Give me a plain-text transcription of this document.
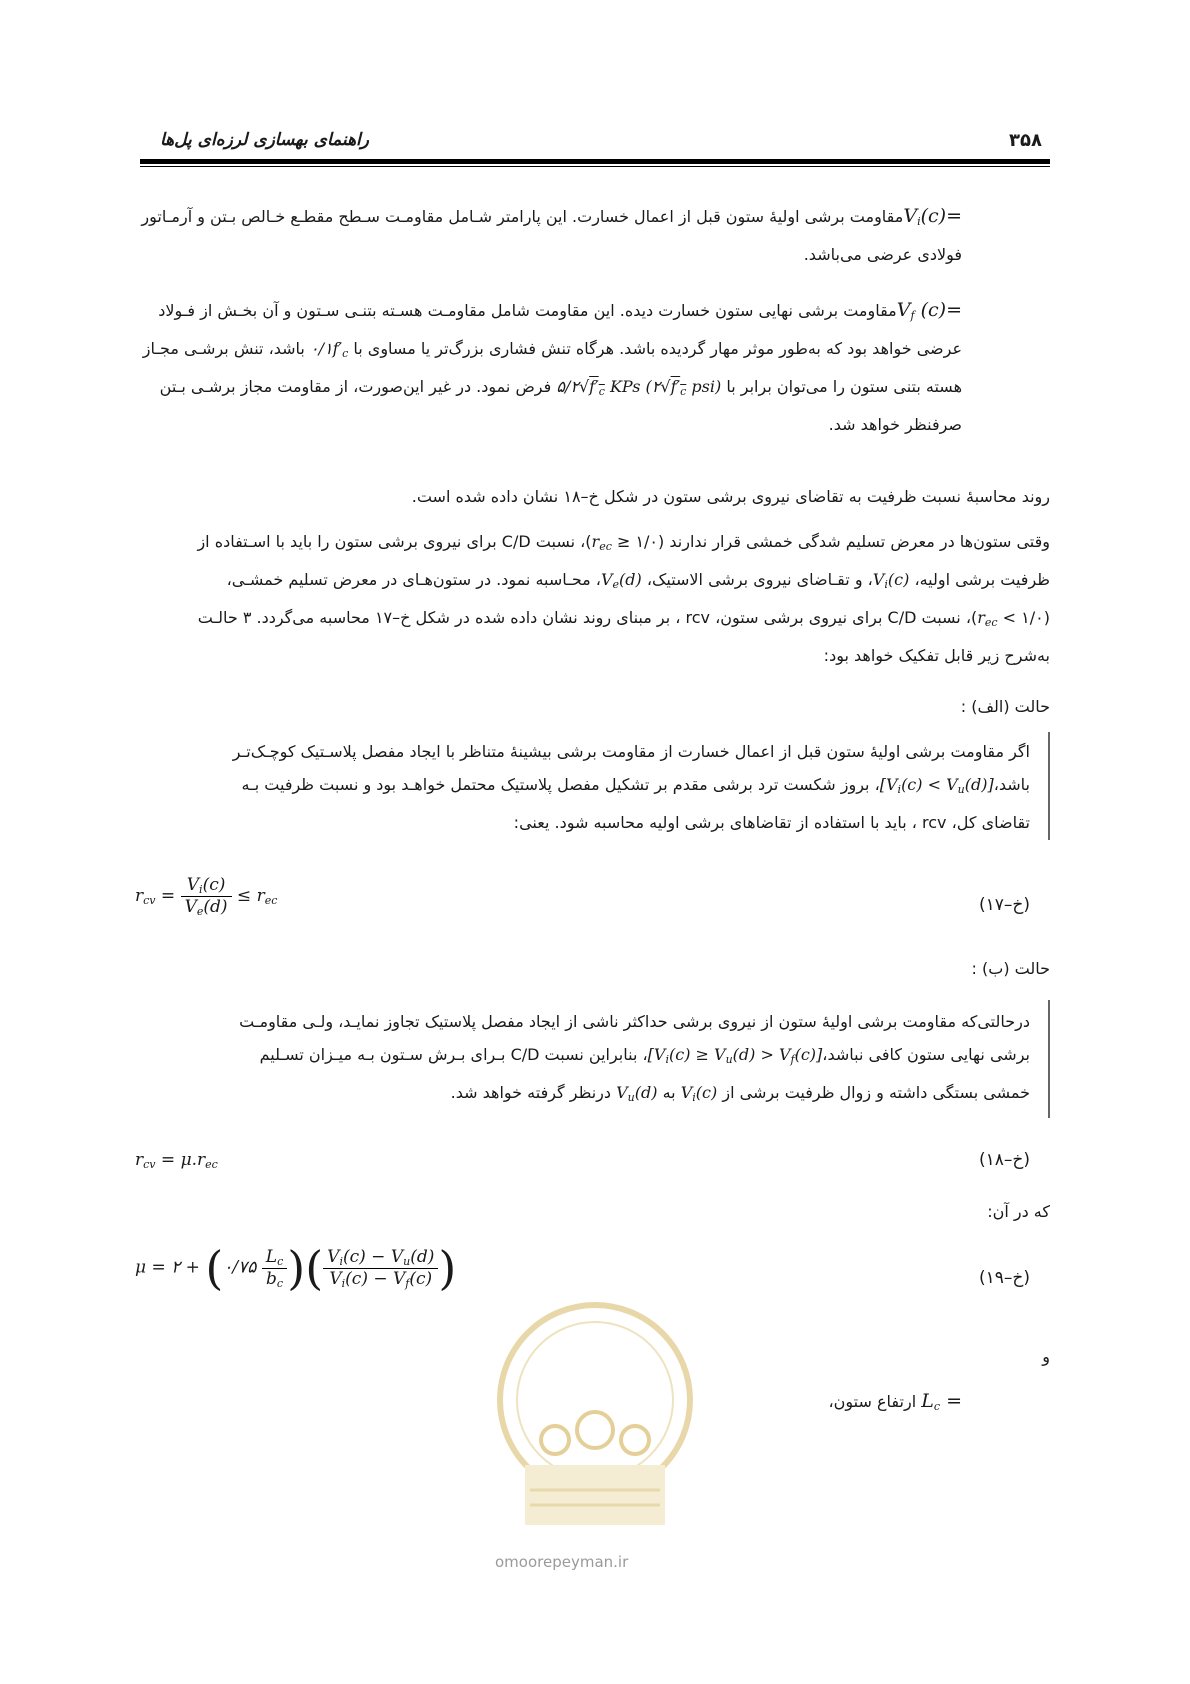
راهنمای بهسازی لرزه‌ای پل‌ها	۳۵۸
$V_i(c)=مقاومت$ برشی اولیهٔ ستون قبل از اعمال خسارت. این پارامتر شـامل مقاومـت سـطح مقطـع خـالص بـتن و آرمـاتور
فولادی عرضی می‌باشد.
$V_f$ (c)=مقاومت برشی نهایی ستون خسارت دیده. این مقاومت شامل مقاومـت هسـته بتنـی سـتون و آن بخـش از فـولاد
عرضی خواهد بود که به‌طور موثر مهار گردیده باشد. هرگاه تنش فشاری بزرگ‌تر یا مساوی با $۰/۱f'_c$ باشد، تنش برشـی مجـاز
هسته بتنی ستون را می‌توان برابر با $۵/۲√f'_c$ KPs ($۲√f'_c$ psi) فرض نمود. در غیر این‌صورت، از مقاومت مجاز برشـی بـتن
صرفنظر خواهد شد.
روند محاسبهٔ نسبت ظرفیت به تقاضای نیروی برشی ستون در شکل خ–۱۸ نشان داده شده است.
وقتی ستون‌ها در معرض تسلیم شدگی خمشی قرار ندارند ($r_{ec}$ ≥ ۱/۰)، نسبت C/D برای نیروی برشی ستون را باید با اسـتفاده از
ظرفیت برشی اولیه، $V_i(c)،$ و تقـاضای نیروی برشی الاستیک، $V_e(d)،$ محـاسبه نمود. در ستون‌هـای در معرض تسلیم خمشـی،
($r_{ec}$ < ۱/۰)، نسبت C/D برای نیروی برشی ستون، rcv ، بر مبنای روند نشان داده شده در شکل خ–۱۷ محاسبه می‌گردد. ۳ حالـت
به‌شرح زیر قابل تفکیک خواهد بود:
حالت (الف) :
اگر مقاومت برشی اولیهٔ ستون قبل از اعمال خسارت از مقاومت برشی بیشینهٔ متناظر با ایجاد مفصل پلاسـتیک کوچـک‌تـر
$باشد،[V_i(c)$ < $V_u(d)]،$ بروز شکست ترد برشی مقدم بر تشکیل مفصل پلاستیک محتمل خواهـد بود و نسبت ظرفیت بـه
تقاضای کل، rcv ، باید با استفاده از تقاضاهای برشی اولیه محاسبه شود. یعنی:
$r_{cv} = \frac{V_i(c)}{V_e(d)} \le r_{ec}$	(خ–۱۷)
حالت (ب) :
درحالتی‌که مقاومت برشی اولیهٔ ستون از نیروی برشی حداکثر ناشی از ایجاد مفصل پلاستیک تجاوز نمایـد، ولـی مقاومـت
برشی نهایی ستون کافی $نباشد،[V_i(c) \ge V_u(d)$ > $V_f(c)]،$ بنابراین نسبت C/D بـرای بـرش سـتون بـه میـزان تسـلیم
خمشی بستگی داشته و زوال ظرفیت برشی از $V_i(c)$ به $V_u(d)$ درنظر گرفته خواهد شد.
$r_{cv} = \mu.r_{ec}$	(خ–۱۸)
که در آن:
μ = ۲ + (۰/۷۵ $\frac{L_c}{b_c}$ )( $\frac{V_i(c) - V_u(d)}{V_i(c) - V_f(c)}$ )	(خ–۱۹)
و
$L_c$ = ارتفاع ستون،
omoorepeyman.ir
